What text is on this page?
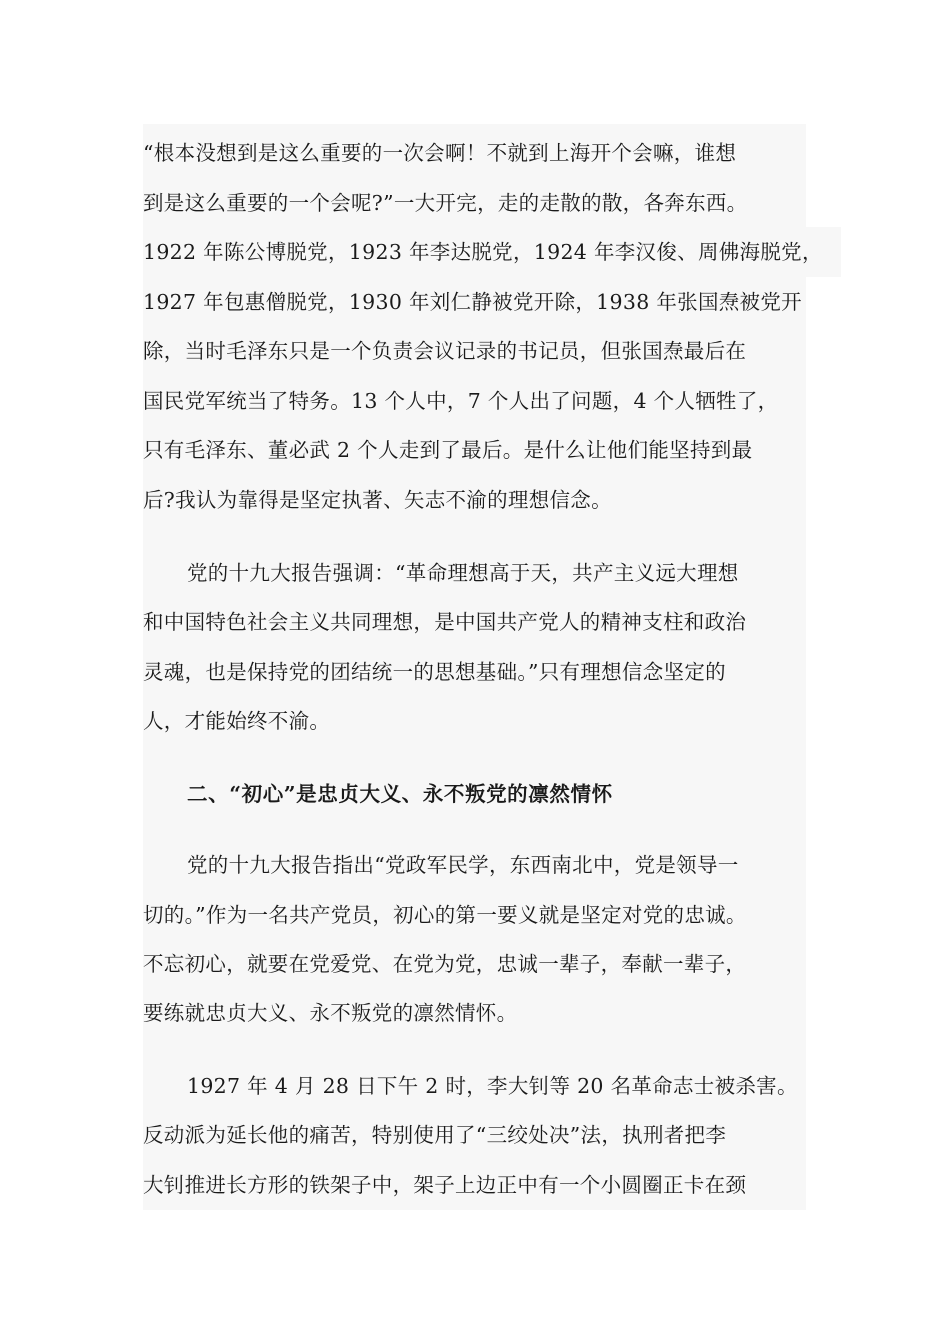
“根本没想到是这么重要的一次会啊！不就到上海开个会嘛，谁想
到是这么重要的一个会呢?”一大开完，走的走散的散，各奔东西。
1922 年陈公博脱党，1923 年李达脱党，1924 年李汉俊、周佛海脱党，
1927 年包惠僧脱党，1930 年刘仁静被党开除，1938 年张国焘被党开
除，当时毛泽东只是一个负责会议记录的书记员，但张国焘最后在
国民党军统当了特务。13 个人中，7 个人出了问题，4 个人牺牲了，
只有毛泽东、董必武 2 个人走到了最后。是什么让他们能坚持到最
后?我认为靠得是坚定执著、矢志不渝的理想信念。
党的十九大报告强调：“革命理想高于天，共产主义远大理想
和中国特色社会主义共同理想，是中国共产党人的精神支柱和政治
灵魂，也是保持党的团结统一的思想基础。”只有理想信念坚定的
人，才能始终不渝。
二、“初心”是忠贞大义、永不叛党的凛然情怀
党的十九大报告指出“党政军民学，东西南北中，党是领导一
切的。”作为一名共产党员，初心的第一要义就是坚定对党的忠诚。
不忘初心，就要在党爱党、在党为党，忠诚一辈子，奉献一辈子，
要练就忠贞大义、永不叛党的凛然情怀。
1927 年 4 月 28 日下午 2 时，李大钊等 20 名革命志士被杀害。
反动派为延长他的痛苦，特别使用了“三绞处决”法，执刑者把李
大钊推进长方形的铁架子中，架子上边正中有一个小圆圈正卡在颈
